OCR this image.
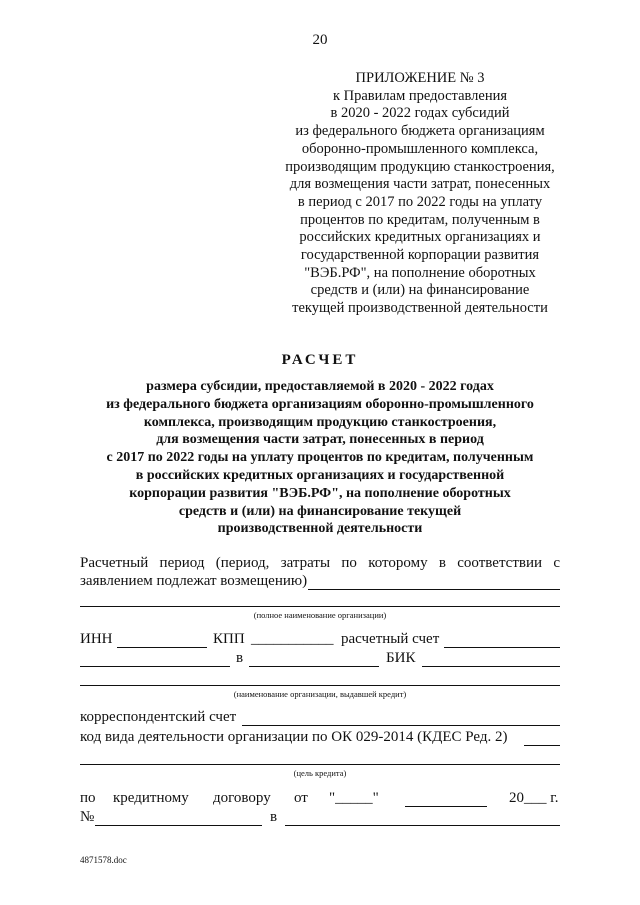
20
ПРИЛОЖЕНИЕ № 3
к Правилам предоставления
в 2020 - 2022 годах субсидий
из федерального бюджета организациям
оборонно-промышленного комплекса,
производящим продукцию станкостроения,
для возмещения части затрат, понесенных
в период с 2017 по 2022 годы на уплату
процентов по кредитам, полученным в
российских кредитных организациях и
государственной корпорации развития
"ВЭБ.РФ", на пополнение оборотных
средств и (или) на финансирование
текущей производственной деятельности
РАСЧЕТ
размера субсидии, предоставляемой в 2020 - 2022 годах
из федерального бюджета организациям оборонно-промышленного
комплекса, производящим продукцию станкостроения,
для возмещения части затрат, понесенных в период
с 2017 по 2022 годы на уплату процентов по кредитам, полученным
в российских кредитных организациях и государственной
корпорации развития "ВЭБ.РФ", на пополнение оборотных
средств и (или) на финансирование текущей
производственной деятельности
Расчетный период (период, затраты по которому в соответствии с
заявлением подлежат возмещению)
(полное наименование организации)
ИНН	КПП ___________ расчетный счет
в	БИК
(наименование организации, выдавшей кредит)
корреспондентский счет
код вида деятельности организации по ОК 029-2014 (КДЕС Ред. 2)
(цель кредита)
по кредитному договору от "_____"	20___ г.
№	в
4871578.doc
